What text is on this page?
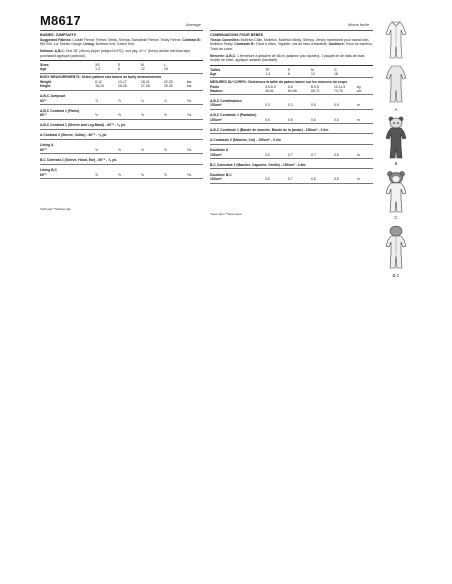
M8617	Average	Moins facile
BABIES' JUMPSUITS
Suggested Fabrics: Cuddle Fleece, Fleece, Minky, Sherpa, Sweatshirt Fleece, Teddy Fleece. Contrast B: Rib Knit. 1or Stretch Gauge. Lining: Bamboo Knit, Cotton Knit.
Notions: A,B,C: One 18" (46cm) zipper (subject to RC), one pkg. of ¼" (6mm) double fold bias tape, purchased applique (optional).
Sizes	XS	S	M	L	
Age	1-3	6	12	18	
BODY MEASUREMENTS: Select pattern size based on body measurements
Weight	8-12	13-17	18-21	22-25	lbs.
Height	18-24	25-26	27-28	29-30	ins.
A,B,C Jumpsuit
60"*	⅞	⅞	⅞	⅞	Yd.
A,B,C Contrast 1 (Pants)
60"*	½	½	⅝	⅝	Yd.
A,B,C Contrast 1 (Sleeve and Leg Band) - 60"* - ⅛ yd.
A Contrast 2 (Sleeve, Collar) - 60"* - ⅛ yd.
Lining A
60"*	⅝	⅝	⅝	⅝	Yd.
B,C Contrast 2 (Sleeve, Hood, Ear) - 60"* - ⅞ yd.
Lining B,C
60"*	⅝	⅝	⅝	⅝	Yd.
*with nap **without nap
COMBINAISONS POUR BÉBÉS
Tissus Conseillés: Molleton Câlin, Molleton, Molleton Minky, Sherpa, Jersey molletonné pour sweat-shirt, Molleton Teddy. Contraste B: Tricot à côtes. Vignette: voir au tissu d'élasticité. Doublure: Tricot de bambou, Tricot de coton.
Mercerie: A,B,C: 1 fermeture à glissière de 46cm (adaptez pour ajustez), 1 paquet de de biais de biais double de 6mm, appliqué achetée (facultatif).
Tailles	TP	P	M	G	
Âge	1-3	6	12	18	
MESURES DU CORPS: Choisissez la taille du patron basée sur les mesures du corps
Poids	3.5-5.5	6-8	8-9.5	10-11.5	kg
Hauteur	46-61	64-66	69-71	74-76	cm
A,B,C Combinaison
150cm*	0.3	0.3	0.5	0.5	m
A,B,C Contraste 1 (Pantalon)
150cm*	0.5	0.5	0.6	0.6	m
A,B,C Contraste 1 (Bande de manche, Bande de la jambe) - 150cm* - 0.2m
A Contraste 2 (Manche, Col) - 150cm* - 0.2m
Doublure A
150cm*	0.6	0.7	0.7	0.8	m
B,C Contraste 2 (Manche, Capuche, Oreille) - 150cm* - 0.6m
Doublure B,C
150cm*	0.6	0.7	0.8	0.8	m
*avec sens **sans sens
A
B
C
B,C
